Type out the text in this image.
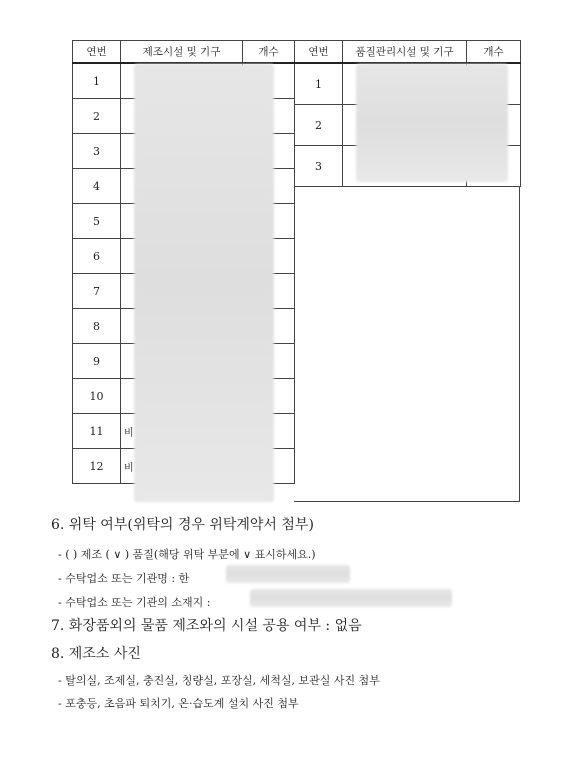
연번	제조시설 및 기구	개수
1		
2		
3		
4		
5		
6		
7		
8		
9		
10		
11	비	
12	비	
연번	품질관리시설 및 기구	개수
1		
2		
3		
6. 위탁 여부(위탁의 경우 위탁계약서 첨부)
- ( ) 제조 ( ∨ ) 품질(해당 위탁 부분에 ∨ 표시하세요.)
- 수탁업소 또는 기관명 : 한
- 수탁업소 또는 기관의 소재지 :
7. 화장품외의 물품 제조와의 시설 공용 여부 : 없음
8. 제조소 사진
- 탈의실, 조제실, 충진실, 칭량실, 포장실, 세척실, 보관실 사진 첨부
- 포충등, 초음파 퇴치기, 온·습도계 설치 사진 첨부
